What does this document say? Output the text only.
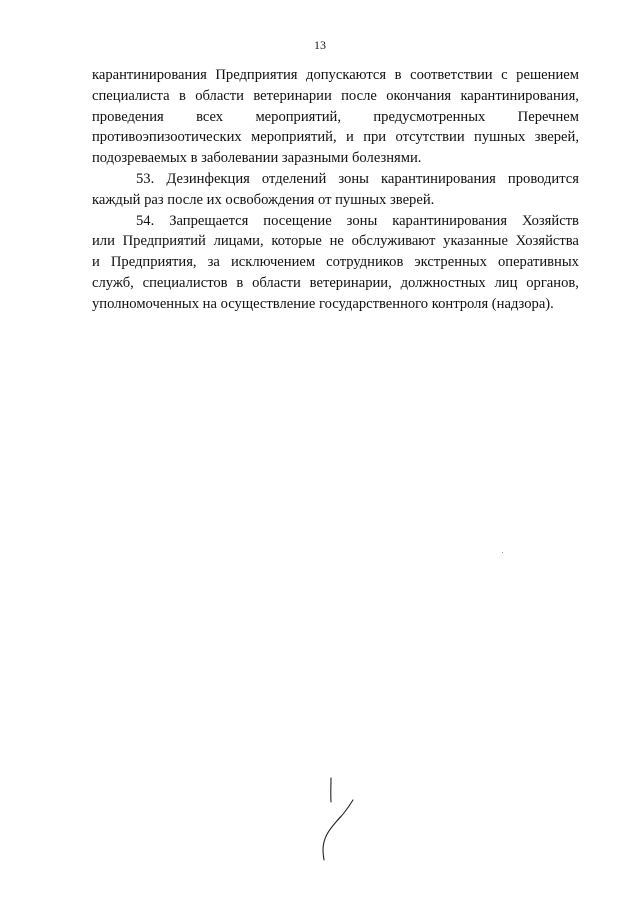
13

карантинирования Предприятия допускаются в соответствии с решением
специалиста в области ветеринарии после окончания карантинирования,
проведения всех мероприятий, предусмотренных Перечнем
противоэпизоотических мероприятий, и при отсутствии пушных зверей,
подозреваемых в заболевании заразными болезнями.

53. Дезинфекция отделений зоны карантинирования проводится
каждый раз после их освобождения от пушных зверей.

54. Запрещается посещение зоны карантинирования Хозяйств
или Предприятий лицами, которые не обслуживают указанные Хозяйства
и Предприятия, за исключением сотрудников экстренных оперативных
служб, специалистов в области ветеринарии, должностных лиц органов,
уполномоченных на осуществление государственного контроля (надзора).
